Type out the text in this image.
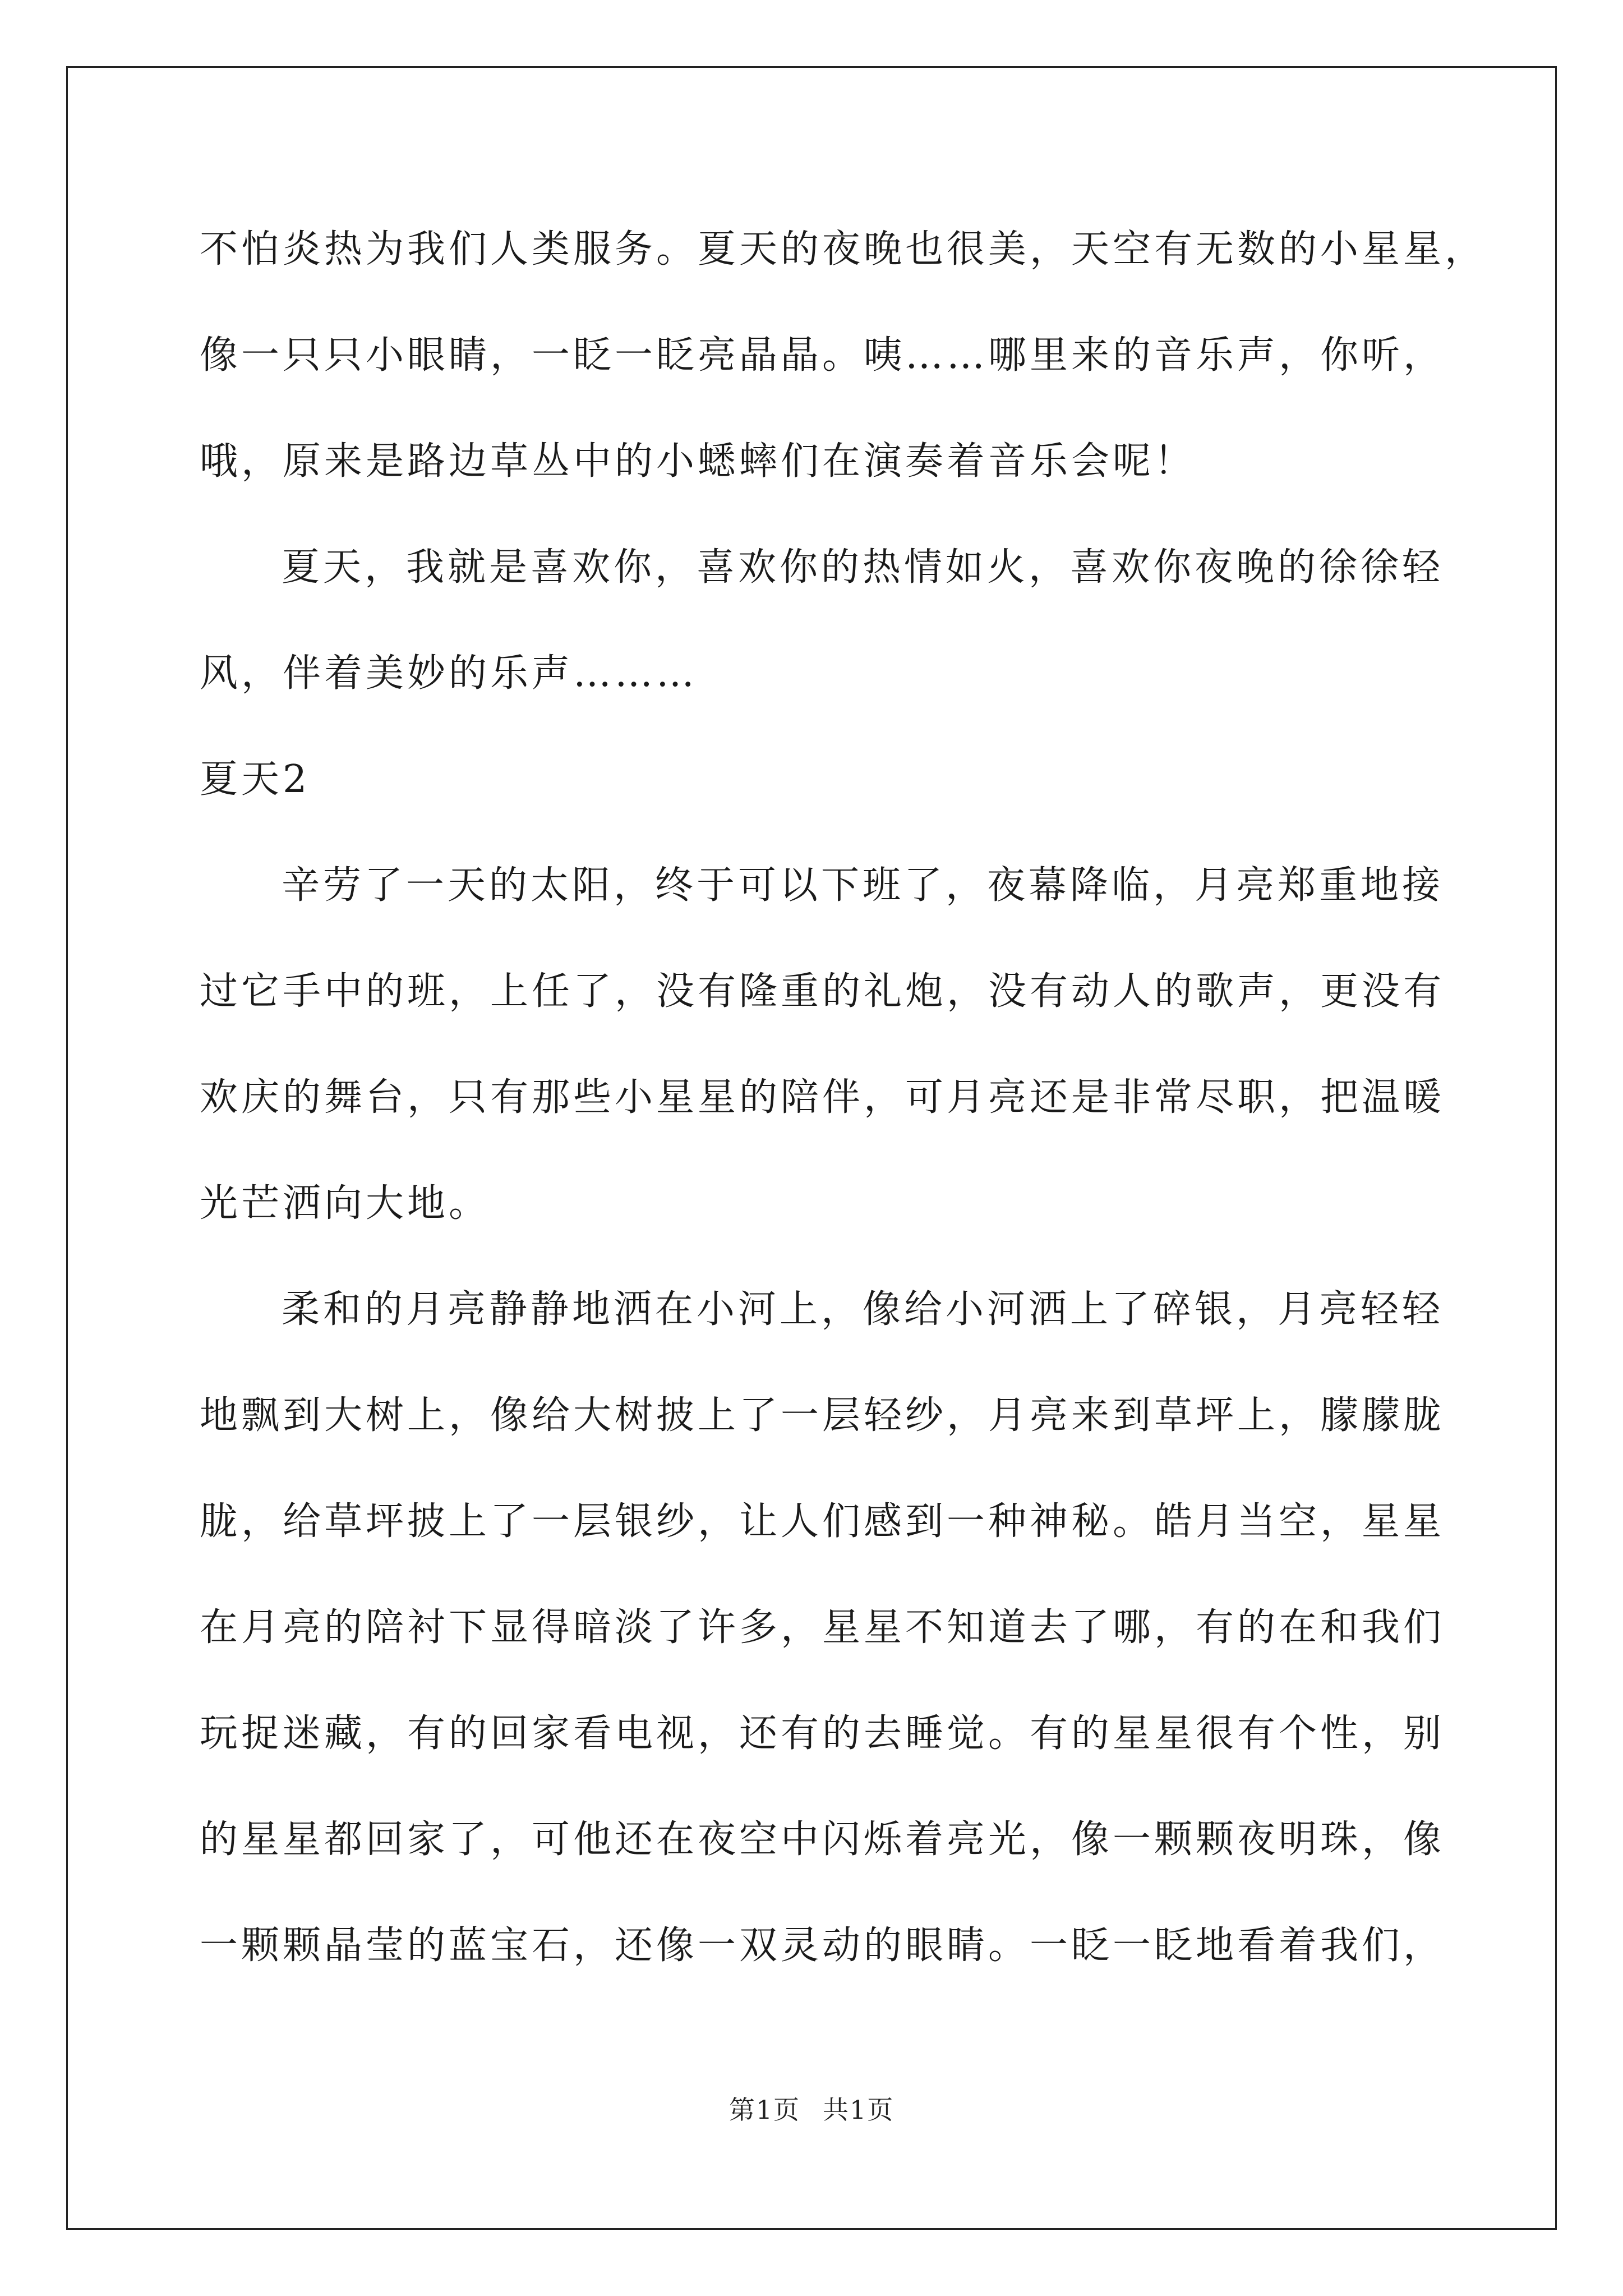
不怕炎热为我们人类服务。夏天的夜晚也很美，天空有无数的小星星，
像一只只小眼睛，一眨一眨亮晶晶。咦……哪里来的音乐声，你听，
哦，原来是路边草丛中的小蟋蟀们在演奏着音乐会呢！
夏天，我就是喜欢你，喜欢你的热情如火，喜欢你夜晚的徐徐轻
风，伴着美妙的乐声………
夏天2
辛劳了一天的太阳，终于可以下班了，夜幕降临，月亮郑重地接
过它手中的班，上任了，没有隆重的礼炮，没有动人的歌声，更没有
欢庆的舞台，只有那些小星星的陪伴，可月亮还是非常尽职，把温暖
光芒洒向大地。
柔和的月亮静静地洒在小河上，像给小河洒上了碎银，月亮轻轻
地飘到大树上，像给大树披上了一层轻纱，月亮来到草坪上，朦朦胧
胧，给草坪披上了一层银纱，让人们感到一种神秘。皓月当空，星星
在月亮的陪衬下显得暗淡了许多，星星不知道去了哪，有的在和我们
玩捉迷藏，有的回家看电视，还有的去睡觉。有的星星很有个性，别
的星星都回家了，可他还在夜空中闪烁着亮光，像一颗颗夜明珠，像
一颗颗晶莹的蓝宝石，还像一双灵动的眼睛。一眨一眨地看着我们，
第1页 共1页
